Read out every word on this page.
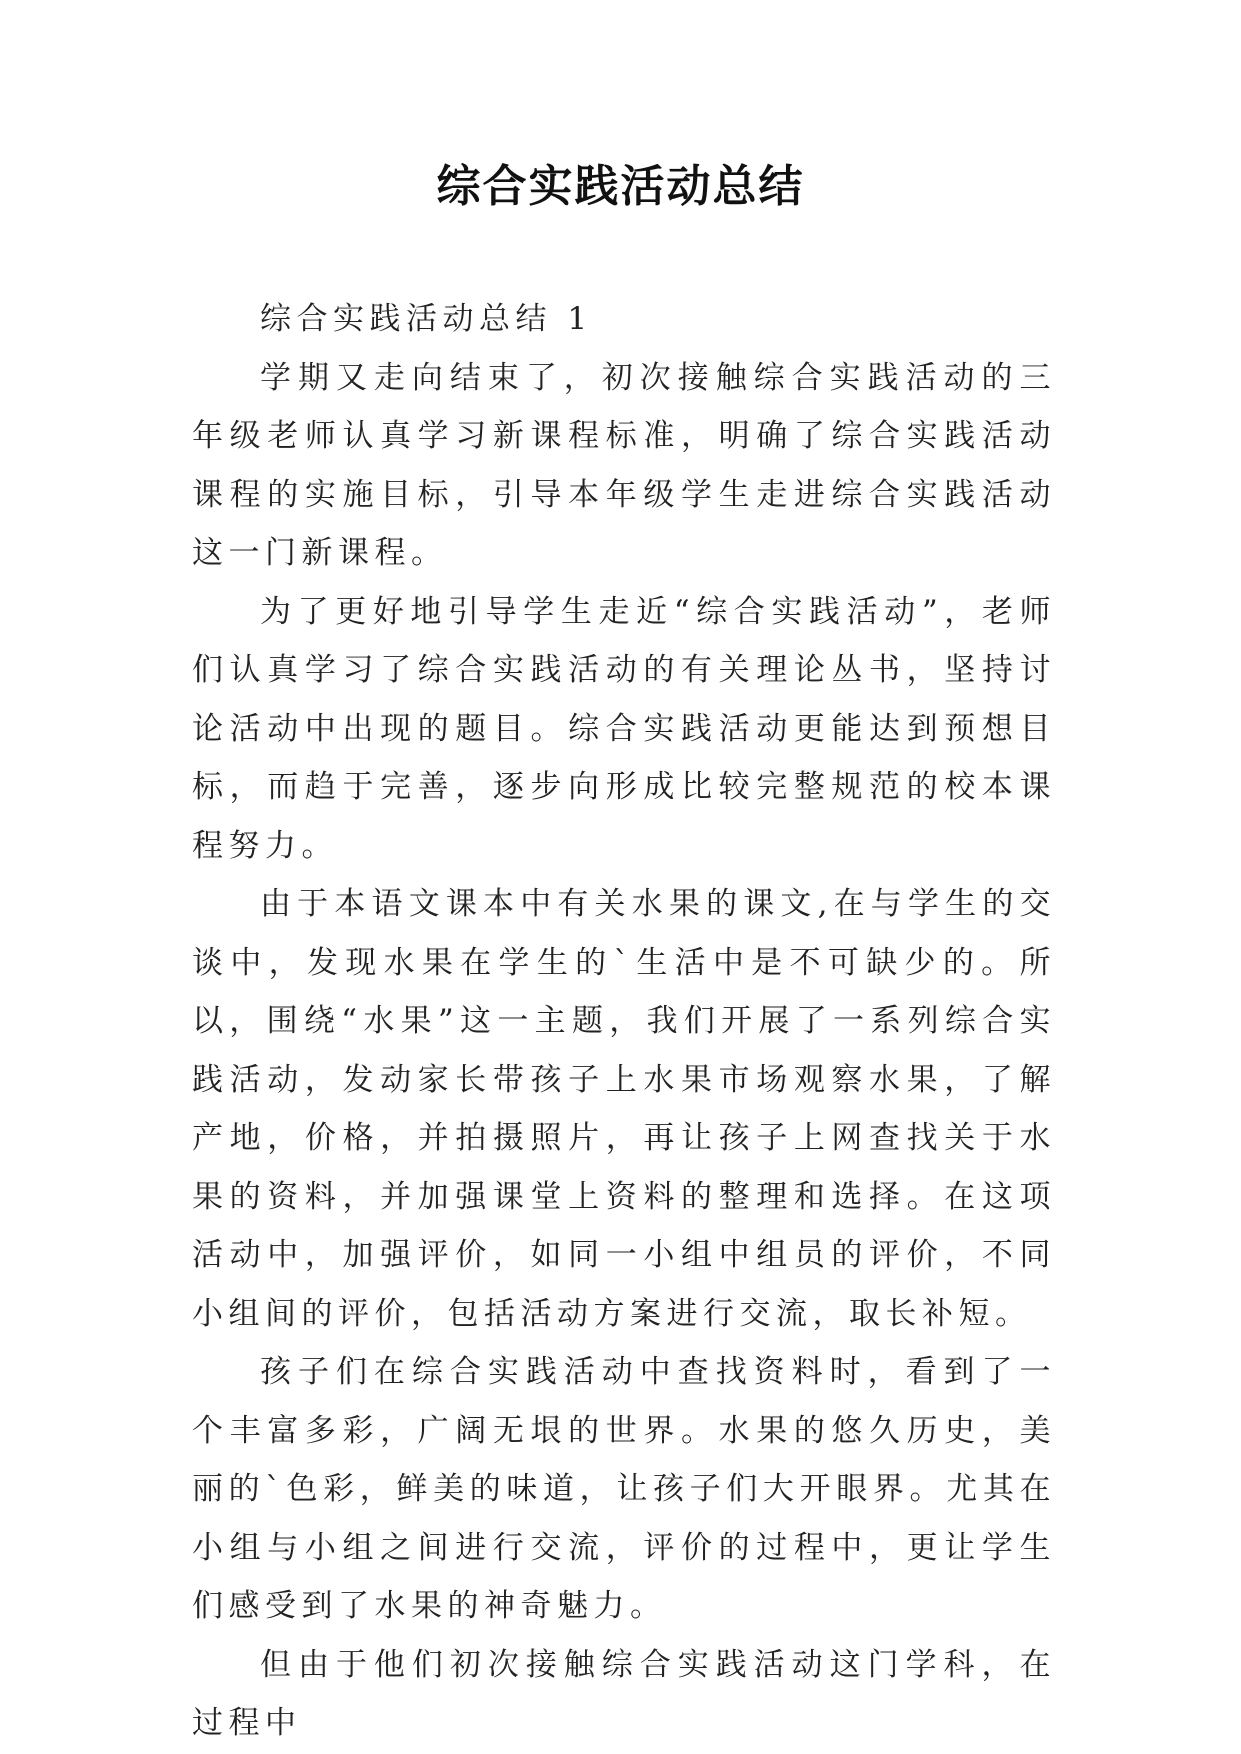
综合实践活动总结

综合实践活动总结 1

学期又走向结束了，初次接触综合实践活动的三年级老师认真学习新课程标准，明确了综合实践活动课程的实施目标，引导本年级学生走进综合实践活动这一门新课程。

为了更好地引导学生走近“综合实践活动”，老师们认真学习了综合实践活动的有关理论丛书，坚持讨论活动中出现的题目。综合实践活动更能达到预想目标，而趋于完善，逐步向形成比较完整规范的校本课程努力。

由于本语文课本中有关水果的课文,在与学生的交谈中，发现水果在学生的`生活中是不可缺少的。所以，围绕“水果”这一主题，我们开展了一系列综合实践活动，发动家长带孩子上水果市场观察水果，了解产地，价格，并拍摄照片，再让孩子上网查找关于水果的资料，并加强课堂上资料的整理和选择。在这项活动中，加强评价，如同一小组中组员的评价，不同小组间的评价，包括活动方案进行交流，取长补短。

孩子们在综合实践活动中查找资料时，看到了一个丰富多彩，广阔无垠的世界。水果的悠久历史，美丽的`色彩，鲜美的味道，让孩子们大开眼界。尤其在小组与小组之间进行交流，评价的过程中，更让学生们感受到了水果的神奇魅力。

但由于他们初次接触综合实践活动这门学科，在过程中
